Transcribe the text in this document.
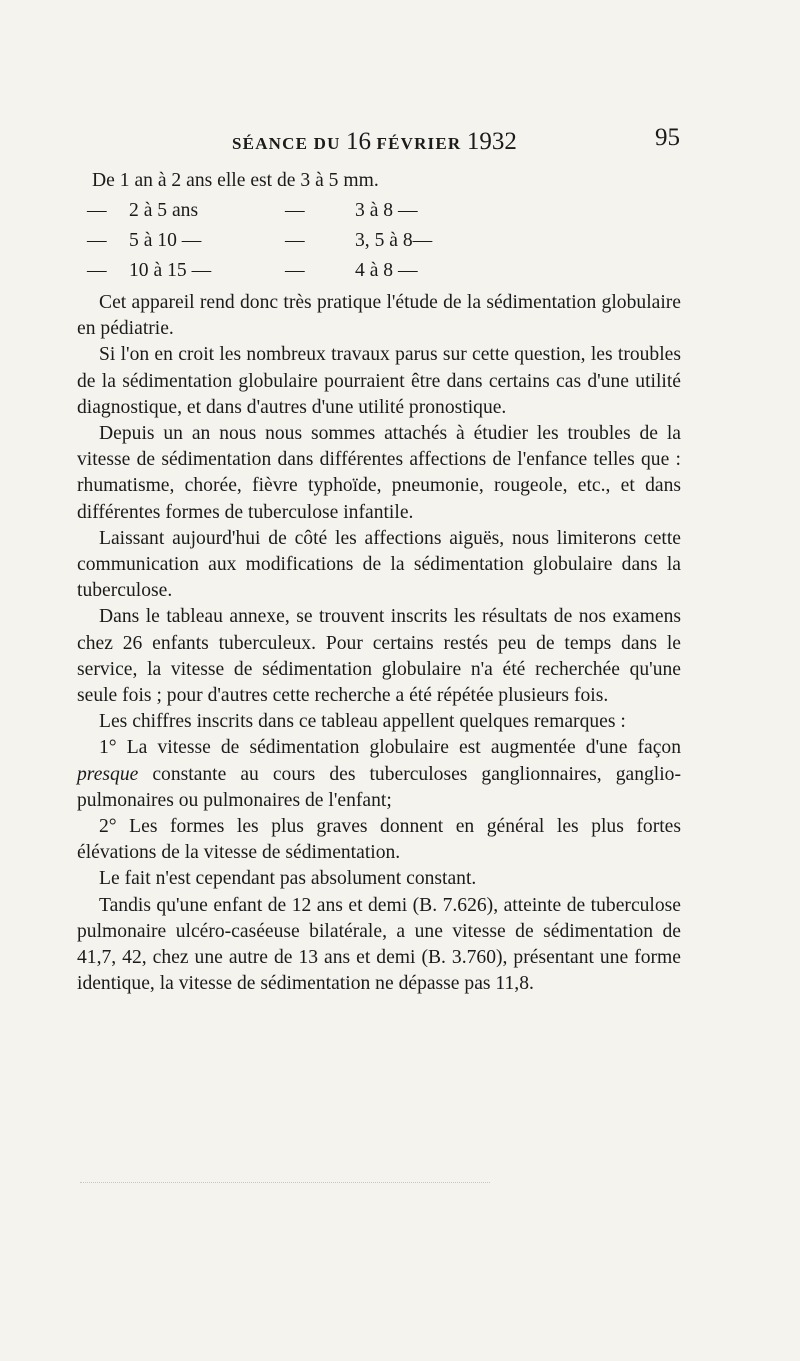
SÉANCE DU 16 FÉVRIER 1932	95
De 1 an à 2 ans elle est de 3 à 5 mm.
— 2 à 5 ans	—	3 à 8 —
— 5 à 10 —	—	3, 5 à 8—
— 10 à 15 —	—	4 à 8 —

Cet appareil rend donc très pratique l'étude de la sédimentation globulaire en pédiatrie.

Si l'on en croit les nombreux travaux parus sur cette question, les troubles de la sédimentation globulaire pourraient être dans certains cas d'une utilité diagnostique, et dans d'autres d'une utilité pronostique.

Depuis un an nous nous sommes attachés à étudier les troubles de la vitesse de sédimentation dans différentes affections de l'enfance telles que : rhumatisme, chorée, fièvre typhoïde, pneumonie, rougeole, etc., et dans différentes formes de tuberculose infantile.

Laissant aujourd'hui de côté les affections aiguës, nous limiterons cette communication aux modifications de la sédimentation globulaire dans la tuberculose.

Dans le tableau annexe, se trouvent inscrits les résultats de nos examens chez 26 enfants tuberculeux. Pour certains restés peu de temps dans le service, la vitesse de sédimentation globulaire n'a été recherchée qu'une seule fois ; pour d'autres cette recherche a été répétée plusieurs fois.

Les chiffres inscrits dans ce tableau appellent quelques remarques :

1° La vitesse de sédimentation globulaire est augmentée d'une façon presque constante au cours des tuberculoses ganglionnaires, ganglio-pulmonaires ou pulmonaires de l'enfant;

2° Les formes les plus graves donnent en général les plus fortes élévations de la vitesse de sédimentation.

Le fait n'est cependant pas absolument constant.

Tandis qu'une enfant de 12 ans et demi (B. 7.626), atteinte de tuberculose pulmonaire ulcéro-caséeuse bilatérale, a une vitesse de sédimentation de 41,7, 42, chez une autre de 13 ans et demi (B. 3.760), présentant une forme identique, la vitesse de sédimentation ne dépasse pas 11,8.
